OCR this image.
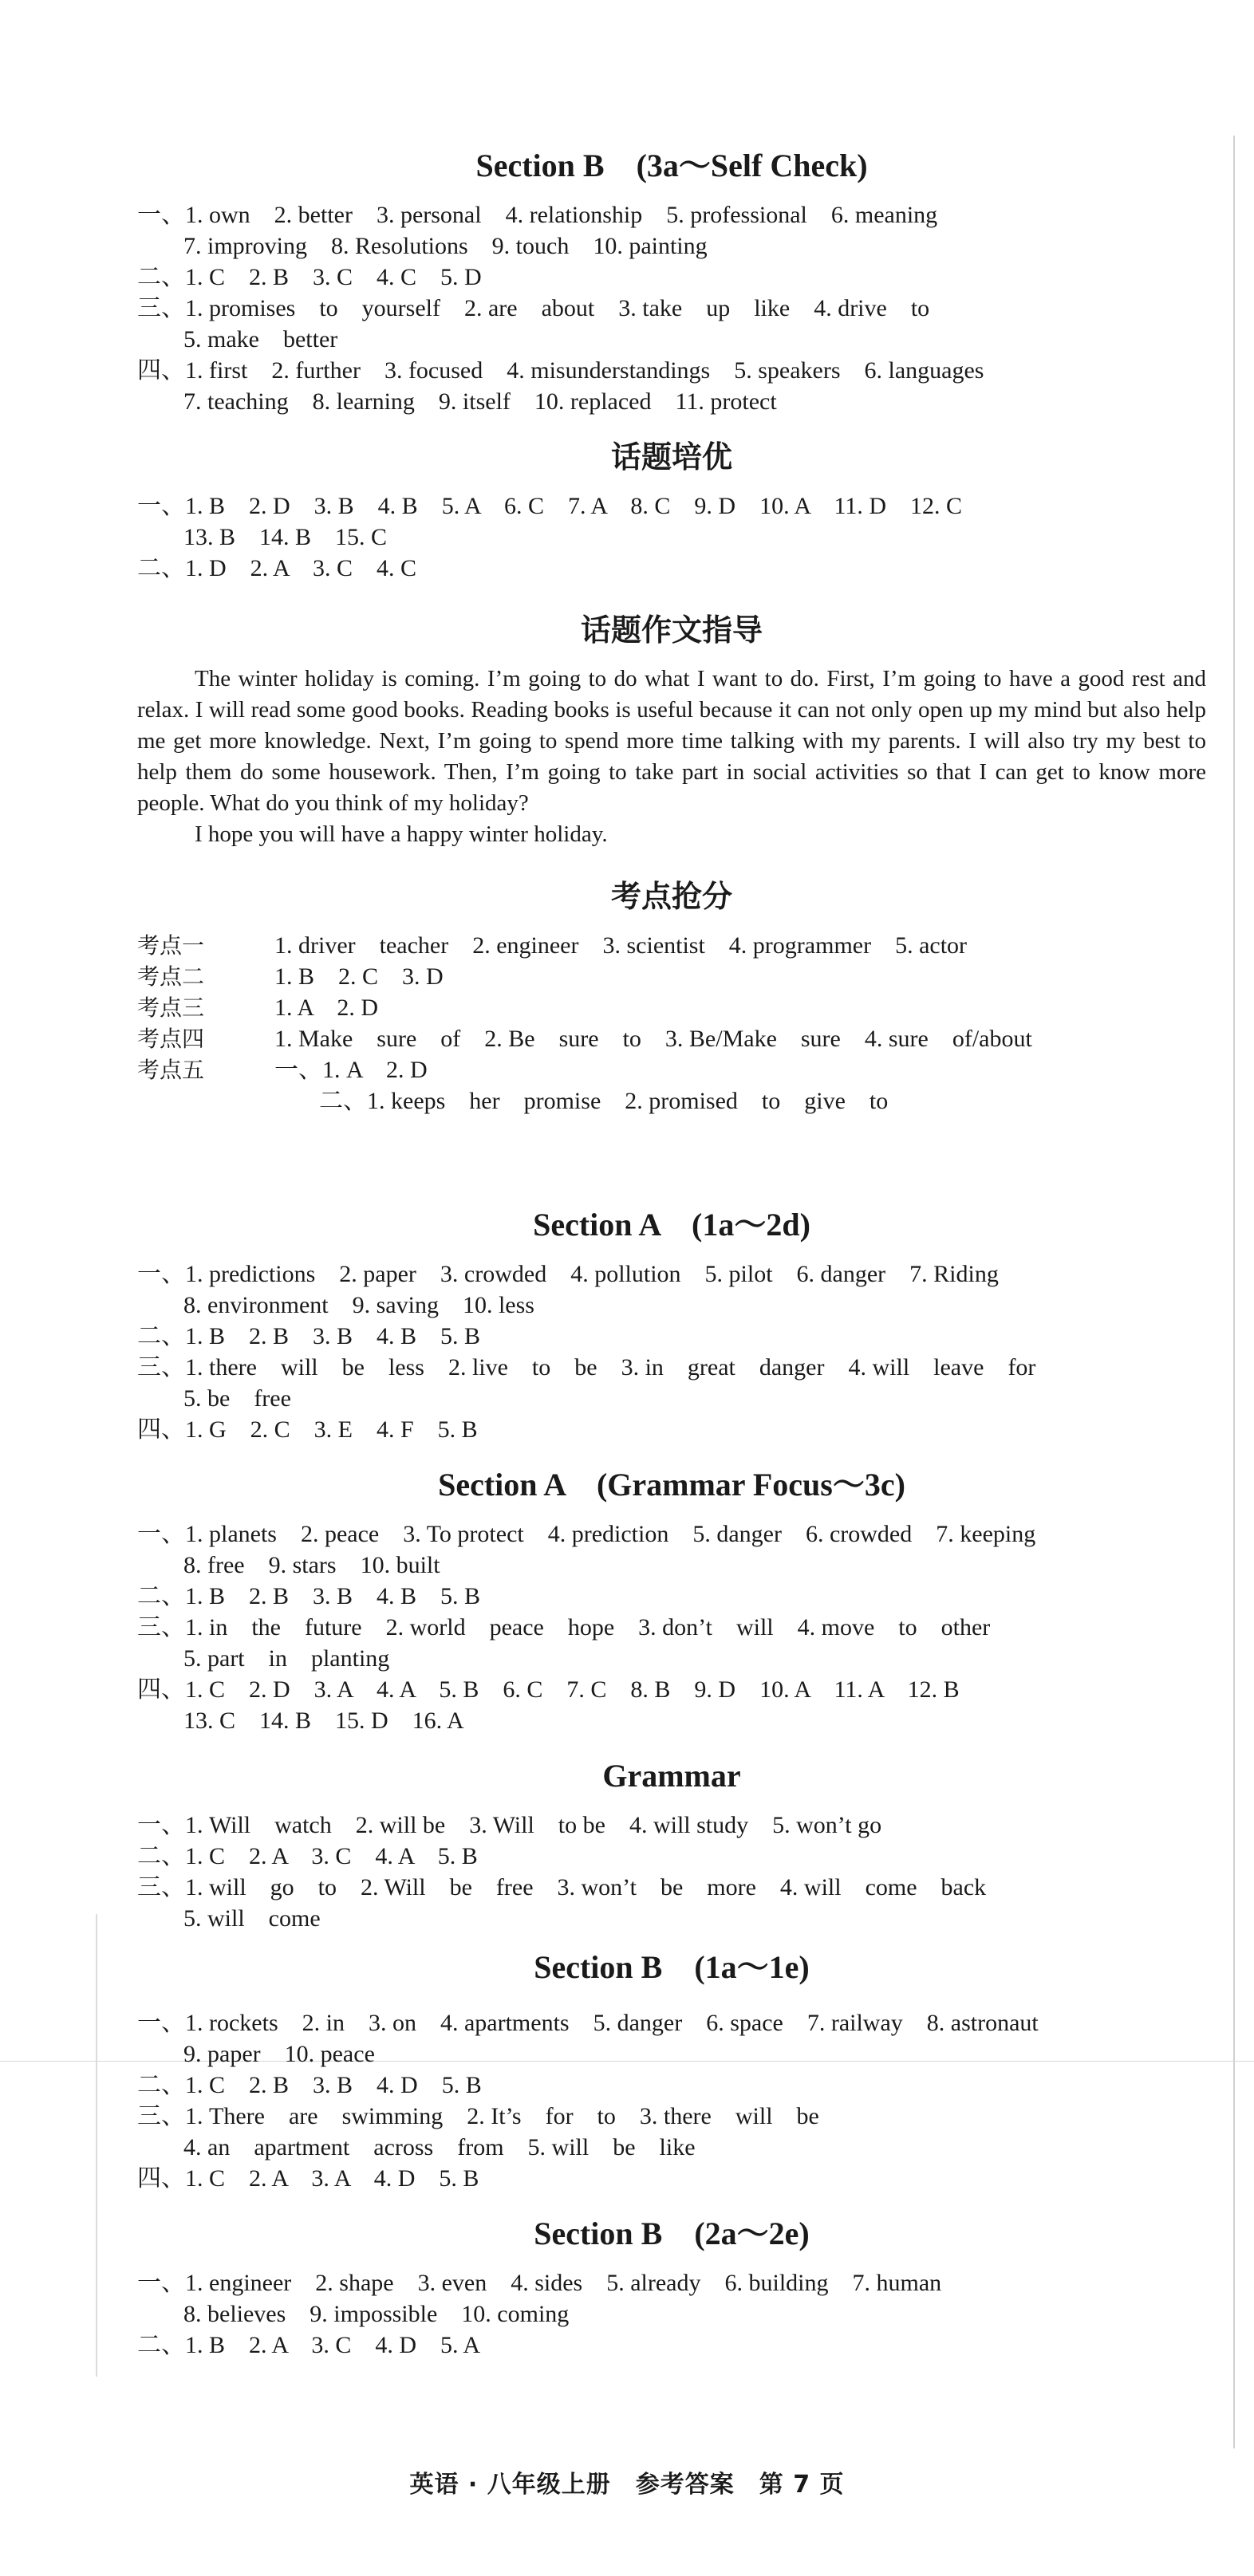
Section B　(3a～Self Check)
一、1. own　2. better　3. personal　4. relationship　5. professional　6. meaning
7. improving　8. Resolutions　9. touch　10. painting
二、1. C　2. B　3. C　4. C　5. D
三、1. promises　to　yourself　2. are　about　3. take　up　like　4. drive　to
5. make　better
四、1. first　2. further　3. focused　4. misunderstandings　5. speakers　6. languages
7. teaching　8. learning　9. itself　10. replaced　11. protect
话题培优
一、1. B　2. D　3. B　4. B　5. A　6. C　7. A　8. C　9. D　10. A　11. D　12. C
13. B　14. B　15. C
二、1. D　2. A　3. C　4. C
话题作文指导

The winter holiday is coming. I’m going to do what I want to do. First, I’m going to have a good rest and relax. I will read some good books. Reading books is useful because it can not only open up my mind but also help me get more knowledge. Next, I’m going to spend more time talking with my parents. I will also try my best to help them do some housework. Then, I’m going to take part in social activities so that I can get to know more people. What do you think of my holiday?

I hope you will have a happy winter holiday.

考点抢分
考点一	1. driver　teacher　2. engineer　3. scientist　4. programmer　5. actor
考点二	1. B　2. C　3. D
考点三	1. A　2. D
考点四	1. Make　sure　of　2. Be　sure　to　3. Be/Make　sure　4. sure　of/about
考点五	一、1. A　2. D
二、1. keeps　her　promise　2. promised　to　give　to
Section A　(1a～2d)
一、1. predictions　2. paper　3. crowded　4. pollution　5. pilot　6. danger　7. Riding
8. environment　9. saving　10. less
二、1. B　2. B　3. B　4. B　5. B
三、1. there　will　be　less　2. live　to　be　3. in　great　danger　4. will　leave　for
5. be　free
四、1. G　2. C　3. E　4. F　5. B
Section A　(Grammar Focus～3c)
一、1. planets　2. peace　3. To protect　4. prediction　5. danger　6. crowded　7. keeping
8. free　9. stars　10. built
二、1. B　2. B　3. B　4. B　5. B
三、1. in　the　future　2. world　peace　hope　3. don’t　will　4. move　to　other
5. part　in　planting
四、1. C　2. D　3. A　4. A　5. B　6. C　7. C　8. B　9. D　10. A　11. A　12. B
13. C　14. B　15. D　16. A
Grammar
一、1. Will　watch　2. will be　3. Will　to be　4. will study　5. won’t go
二、1. C　2. A　3. C　4. A　5. B
三、1. will　go　to　2. Will　be　free　3. won’t　be　more　4. will　come　back
5. will　come
Section B　(1a～1e)
一、1. rockets　2. in　3. on　4. apartments　5. danger　6. space　7. railway　8. astronaut
9. paper　10. peace
二、1. C　2. B　3. B　4. D　5. B
三、1. There　are　swimming　2. It’s　for　to　3. there　will　be
4. an　apartment　across　from　5. will　be　like
四、1. C　2. A　3. A　4. D　5. B
Section B　(2a～2e)
一、1. engineer　2. shape　3. even　4. sides　5. already　6. building　7. human
8. believes　9. impossible　10. coming
二、1. B　2. A　3. C　4. D　5. A
英语 · 八年级上册　参考答案　第 7 页
